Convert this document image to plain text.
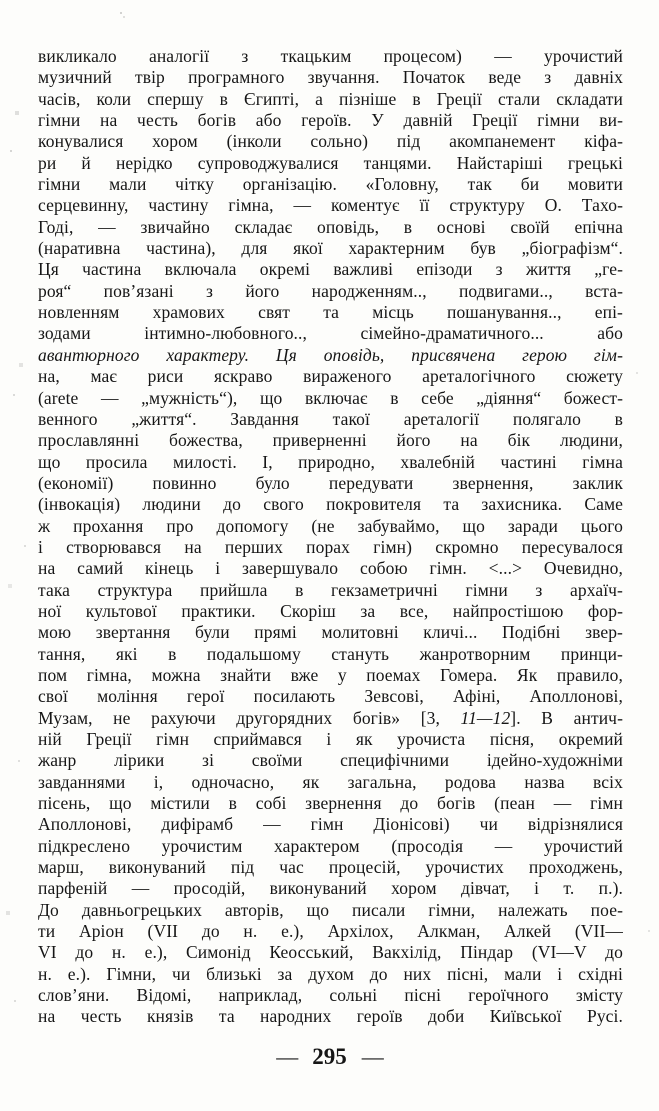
викликало аналогії з ткацьким процесом) — урочистий
музичний твір програмного звучання. Початок веде з давніх
часів, коли спершу в Єгипті, а пізніше в Греції стали складати
гімни на честь богів або героїв. У давній Греції гімни ви-
конувалися хором (інколи сольно) під акомпанемент кіфа-
ри й нерідко супроводжувалися танцями. Найстаріші грецькі
гімни мали чітку організацію. «Головну, так би мовити
серцевинну, частину гімна, — коментує її структуру О. Тахо-
Годі, — звичайно складає оповідь, в основі своїй епічна
(наративна частина), для якої характерним був „біографізм“.
Ця частина включала окремі важливі епізоди з життя „ге-
роя“ пов’язані з його народженням.., подвигами.., вста-
новленням храмових свят та місць пошанування.., епі-
зодами інтимно-любовного.., сімейно-драматичного... або
авантюрного характеру. Ця оповідь, присвячена герою гім-
на, має риси яскраво вираженого ареталогічного сюжету
(arete — „мужність“), що включає в себе „діяння“ божест-
венного „життя“. Завдання такої ареталогії полягало в
прославлянні божества, приверненні його на бік людини,
що просила милості. І, природно, хвалебній частині гімна
(економії) повинно було передувати звернення, заклик
(інвокація) людини до свого покровителя та захисника. Саме
ж прохання про допомогу (не забуваймо, що заради цього
і створювався на перших порах гімн) скромно пересувалося
на самий кінець і завершувало собою гімн. <...> Очевидно,
така структура прийшла в гекзаметричні гімни з архаїч-
ної культової практики. Скоріш за все, найпростішою фор-
мою звертання були прямі молитовні кличі... Подібні звер-
тання, які в подальшому стануть жанротворним принци-
пом гімна, можна знайти вже у поемах Гомера. Як правило,
свої моління герої посилають Зевсові, Афіні, Аполлонові,
Музам, не рахуючи другорядних богів» [3, 11—12]. В антич-
ній Греції гімн сприймався і як урочиста пісня, окремий
жанр лірики зі своїми специфічними ідейно-художніми
завданнями і, одночасно, як загальна, родова назва всіх
пісень, що містили в собі звернення до богів (пеан — гімн
Аполлонові, дифірамб — гімн Діонісові) чи відрізнялися
підкреслено урочистим характером (просодія — урочистий
марш, виконуваний під час процесій, урочистих проходжень,
парфеній — просодій, виконуваний хором дівчат, і т. п.).
До давньогрецьких авторів, що писали гімни, належать пое-
ти Аріон (VII до н. е.), Архілох, Алкман, Алкей (VII—
VI до н. е.), Симонід Кеосський, Вакхілід, Піндар (VI—V до
н. е.). Гімни, чи близькі за духом до них пісні, мали і східні
слов’яни. Відомі, наприклад, сольні пісні героїчного змісту
на честь князів та народних героїв доби Київської Русі.
— 295 —
